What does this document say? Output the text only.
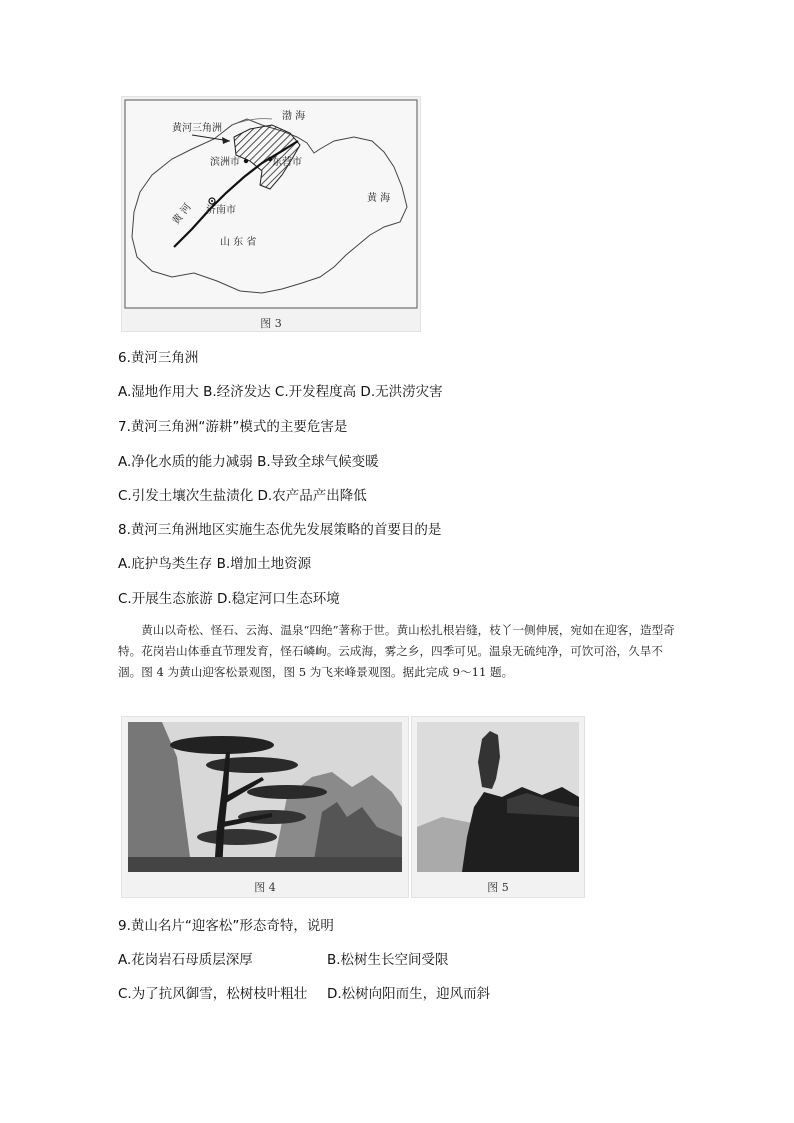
渤 海
黄河三角洲
滨洲市	东营市
济南市
黄 海
山 东 省
黄 河
图 3
6.黄河三角洲
A.湿地作用大 B.经济发达 C.开发程度高 D.无洪涝灾害
7.黄河三角洲“游耕”模式的主要危害是
A.净化水质的能力减弱 B.导致全球气候变暖
C.引发土壤次生盐渍化 D.农产品产出降低
8.黄河三角洲地区实施生态优先发展策略的首要目的是
A.庇护鸟类生存 B.增加土地资源
C.开展生态旅游 D.稳定河口生态环境

黄山以奇松、怪石、云海、温泉“四绝”著称于世。黄山松扎根岩缝，枝丫一侧伸展，宛如在迎客，造型奇特。花岗岩山体垂直节理发育，怪石嶙峋。云成海，雾之乡，四季可见。温泉无硫纯净，可饮可浴，久旱不涸。图 4 为黄山迎客松景观图，图 5 为飞来峰景观图。据此完成 9～11 题。

图 4	图 5
9.黄山名片“迎客松”形态奇特，说明
A.花岗岩石母质层深厚	B.松树生长空间受限
C.为了抗风御雪，松树枝叶粗壮 D.松树向阳而生，迎风而斜
